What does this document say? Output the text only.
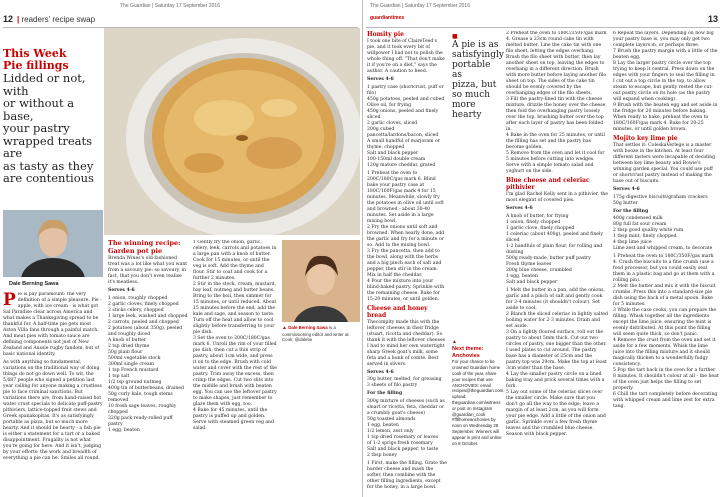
The Guardian | Saturday 17 September 2016
12 | readers' recipe swap
This Week
Pie fillings
Lidded or not, with
or without a base,
your pastry
wrapped treats are
as tasty as they
are contentious
Dale Berning Sawa

Pie is pay paramount: the very definition of a simple pleasure. Pie - apple, with ice cream - is what got Sal Paradise clear across America and what makes a Thanksgiving spread to be thankful for. A half-time pie gets most Aston Villa fans through a painful match. And meat pies with tomato sauce are defining components not just of New Zealand and Aussie rugby fandom, but of basic national identity.

As with anything so fundamental, variations on the traditional way of doing things do not go down well. To wit, the 5,687 people who signed a petition last year calling for anyone making a crustless pie to face criminal sanctions. But variations there are, from hand-raised hot water crust specials to delicate puff-pastry pithiviers, lattice-topped fruit stews and Greek spanakopitas. It's as satisfyingly portable as pizza, but so much more hearty. And it should be hearty - a fish pie is either a statement for a tart or a baked disappointment. Frugality is not what you're going for here. And it isn't, judging by your efforts: the work and breadth of everything a pie can be. Smiles all round.

The winning recipe:
Garden pot pie

Brenda Wines's old-fashioned treat was a lot like what you want from a savoury pie: so savoury, in fact, that you don't even realise it's meatless.

Serves 4-6

1 onion, roughly chopped

2 garlic cloves, finely chopped

2 sticks celery, chopped

1 large leek, washed and chopped

2 carrots, peeled and chopped

2 potatoes (about 350g), peeled and roughly diced

A knob of butter

2 tsp dried thyme

50g plain flour

500ml vegetable stock

300ml single cream

1 tsp French mustard

1 tsp salt

1/2 tsp ground nutmeg

400g tin of butterbeans, drained

50g curly kale, tough stems removed

10 fresh sage leaves, roughly chopped

320g pack ready-rolled puff pastry

1 egg, beaten

1 Gently fry the onion, garlic, celery, leek, carrots and potatoes in a large pan with a knob of butter. Cook for 15 minutes, or until the veg is soft. Add the thyme and flour. Stir to coat and cook for a further 2 minutes.

2 Stir in the stock, cream, mustard, bay leaf, nutmeg and butter beans. Bring to the boil, then simmer for 15 minutes, or until reduced. About 15 minutes before the end, add the kale and sage, and season to taste. Turn off the heat and allow to cool slightly before transferring to your pie dish.

3 Set the oven to 200C/180C/gas mark 6. Unroll the rim of your filled pie dish, then cut a thin strip of pastry, about 1cm wide, and press it on to the edge. Brush with cold water and cover with the rest of the pastry. Trim away the excess, then crimp the edges. Cut two slits into the middle and brush with beaten egg. You can use the leftover pastry to make shapes, just remember to glaze them with egg, too.

4 Bake for 45 minutes, until the pastry is puffed up and golden. Serve with steamed green veg and salad.

▲ Dale Berning Sawa is a commissioning editor and writer at Cook; @dalebe
The Guardian | Saturday 17 September 2016
guardiantimes	13
Homity pie

I took one bite of ClaireTeed's pie, and it took every bit of willpower I had not to polish the whole thing off. "That don't make it if you're on a diet," says the author. A caution to heed.

Serves 4-6

1 pastry case (shortcrust, puff or filo)

450g potatoes, peeled and cubed

Olive oil, for frying

450g onions, peeled and finely sliced

2 garlic cloves, sliced

200g cubed pancetta/lardons/bacon, sliced

A small handful of marjoram or thyme, chopped

Salt and black pepper

100-150ml double cream

120g mature cheddar, grated

1 Preheat the oven to 200C/180C/gas mark 6. Blind bake your pastry case at 180C/160F/gas mark 4 for 15 minutes. Meanwhile, slowly fry the potatoes in olive oil until soft and browned - about 30-40 minutes. Set aside in a large mixing bowl.

2 Fry the onions until soft and browned. When nearly done, add the garlic and fry for a minute or so. Add to the mixing bowl.

3 Fry the pancetta, then add to the bowl, along with the herbs and a big pinch each of salt and pepper, then stir in the cream. Mix in half the cheddar.

4 Pour the mixture into your blind-baked pastry. Sprinkle with the remaining cheese. Bake for 15-20 minutes, or until golden.

Cheese and honey bread

Thecomplty made this with the leftover cheeses in their fridge (stuart, ricotta and cheddar). So thank it with the leftover cheeses I had to mind her own watertight sharp Greek goat's milk, some feta and a hunk of comté. Best served in slivers.

Serves 4-6

30g butter, melted, for greasing

3 sheets of filo pastry

For the filling

300g mixture of cheeses (such as smart or ricotta, feta, cheddar or a crumbly goat's cheese)

50g toasted almonds

1 egg, beaten

1/2 lemon, zest only

1 tsp dried rosemary or leaves

of 1-2 sprigs fresh rosemary

Salt and black pepper, to taste

2 tbsp honey

1 First, make the filling. Grate the harder cheese and mash the softer, then combine with the other filling ingredients, except for the honey, in a large bowl.

■
A pie is as
satisfyingly
portable as
pizza, but
so much
more hearty
▲
Next theme:
Anchovies
For your chance to be crowned Guardian home cook of the year, share your recipes that use ANCHOVIES: email recipes@theguardian.com, upload: theguardian.com/witness or post on Instagram @guardian_cook #fftlhomeanchovies by noon on Wednesday 28 September. Winners will appear in print and online on 8 October.

2 Preheat the oven to 180C/350F/gas mark 4. Grease a 23cm round cake tin with melted butter. Line the cake tin with one filo sheet, letting the edges overhang. Brush the filo sheet with butter, then lay another sheet on top, leaving the edges to overhang in a different direction. Brush with more butter before laying another filo sheet on top. The sides of the cake tin should be evenly covered by the overhanging edges of the filo sheets.

3 Fill the pastry-lined tin with the cheese mixture, drizzle the honey over the cheese, then fold the overhanging pastry loosely over the top, brushing butter over the top after each layer of pastry has been folded in.

4 Bake in the oven for 25 minutes, or until the filling has set and the pastry has become golden.

5 Remove from the oven and let it cool for 5 minutes before cutting into wedges. Serve with a simple tomato salad and yoghurt on the side.

Blue cheese and celeriac pithivier

I'm glad Rachel Kelly sent in a pithivier, the most elegant of covered pies.

Serves 4-6

A knob of butter, for frying

1 onion, finely chopped

1 garlic clove, finely chopped

1 celeriac (about 400g), peeled and finely sliced

1-2 handfuls of plain flour, for rolling and dusting

500g ready-made, butter puff pastry

Fresh thyme leaves

200g blue cheese, crumbled

1 egg, beaten

Salt and black pepper

1 Melt the butter in a pan, add the onions, garlic and a pinch of salt and gently cook for 3-4 minutes (it shouldn't colour). Set aside to cool.

2 Blanch the sliced celeriac in lightly salted boiling water for 2-3 minutes. Drain and set aside.

3 On a lightly floured surface, roll out the pastry to about 5mm thick. Cut out two circles of pastry, one bigger than the other. I used plates to cut around. The pastry base has a diameter of 25cm and the pastry top was 29cm. Make the top at least 3cm wider than the base.

4 Lay the smaller pastry circle on a lined baking tray and prick several times with a fork.

5 Lay out some of the celeriac slices over the smaller circle. Make sure that you don't go all the way to the edge; leave a margin of at least 2cm, as you will form your pie edge. Add a little of the onion and garlic. Sprinkle over a few fresh thyme leaves and the crumbled blue cheese. Season with black pepper.

6 Repeat the layers. Depending on how big your pastry base is, you may only get two complete layers in, or perhaps three.

7 Brush the pastry margin with a little of the beaten egg.

8 Lay the larger pastry circle over the top trying to keep it central. Press down on the edges with your fingers to seal the filling in. I cut out a top circle in the top, to allow steam to escape, but gently rested the cut-out pastry circle on its hole (as the pastry will expand when cooking).

9 Brush with the beaten egg and set aside in the fridge for 20 minutes before baking. When ready to bake, preheat the oven to 180C/160F/gas mark 4. Bake for 20-25 minutes, or until golden brown.

Mojito key lime pie

That settles it: ColeskaVerlege is a master with booze in the kitchen. At least four different tasters were incapable of deciding between key lime beauty and Bowie's winning garden special. You could use puff or shortcrust pastry instead of making the base out of biscuits.

Serves 4-6

175g digestive biscuits/graham crackers

50g butter

For the filling

400g condensed milk

80g full fat sour cream

2 tbsp good quality white rum

1 tbsp mint, finely chopped

4 tbsp lime juice

Lime zest and whipped cream, to decorate

1 Preheat the oven to 180C/350F/gas mark 4. Crush the biscuits to a fine crumb (use a food processor, but you could easily seal them in a plastic bag and go at them with a rolling pin).

2 Melt the butter and mix it with the biscuit crumbs. Press this into a standard-size pie dish using the back of a metal spoon. Bake for 5 minutes.

3 While the case cooks, you can prepare the filling. Whisk together all the ingredients except the lime juice, ensuring the mint is evenly distributed. At this point the filling will seem quite thick, so don't panic.

4 Remove the crust from the oven and set it aside for a few moments. Whisk the lime juice into the filling mixture and it should magically thicken to a wonderfully fudgy consistency.

5 Pop the tart back in the oven for a further 8 minutes. It shouldn't colour at all - the heat of the oven just helps the filling to set properly.

6 Chill the tart completely before decorating with whipped cream and lime zest for extra tang.
